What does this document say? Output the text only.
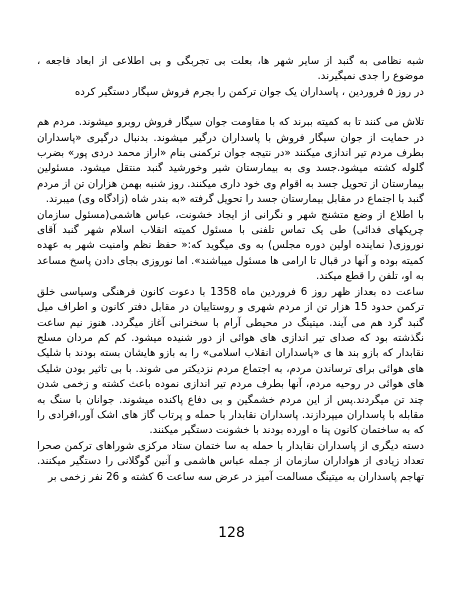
شبه نظامی به گنبد از سایر شهر ها، بعلت بی تجربگی و بی اطلاعی از ابعاد فاجعه ، موضوع را جدی نمیگیرند.

در روز ۵ فروردین ، پاسداران یک جوان ترکمن را بجرم فروش سیگار دستگیر کرده

تلاش می کنند تا به کمیته ببرند که با مقاومت جوان سیگار فروش روبرو میشوند. مردم هم در حمایت از جوان سیگار فروش با پاسداران درگیر میشوند. بدنبال درگیری «پاسداران بطرف مردم تیر اندازی میکنند «در نتیجه جوان ترکمنی بنام «اراز محمد دردی پور» بضرب گلوله کشته میشود.جسد وی به بیمارستان شیر وخورشید گنبد منتقل میشود. مسئولین بیمارستان از تحویل جسد به اقوام وی خود داری میکنند. روز شنبه بهمن هزاران تن از مردم گنبد با اجتماع در مقابل بیمارستان جسد را تحویل گرفته «به بندر شاه (زادگاه وی) میبرند.

با اطلاع از وضع متشنج شهر و نگرانی از ایجاد خشونت، عباس هاشمی(مسئول سازمان چریکهای فدائی) طی یک تماس تلفنی با مسئول کمیته انقلاب اسلام شهر گنبد آقای نوروزی( نماینده اولین دوره مجلس) به وی میگوید که:« حفظ نظم وامنیت شهر به عهده کمیته بوده و آنها در قبال تا ارامی ها مسئول میباشند». اما نوروزی بجای دادن پاسخ مساعد به او، تلفن را قطع میکند.

ساعت ده بعداز ظهر روز 6 فروردین ماه 1358 با دعوت کانون فرهنگی وسیاسی خلق ترکمن حدود 15 هزار تن از مردم شهری و روستاییان در مقابل دفتر کانون و اطراف میل گنبد گرد هم می آیند. میتینگ در محیطی آرام با سخنرانی آغاز میگردد. هنوز نیم ساعت نگذشته بود که صدای تیر اندازی های هوائی از دور شنیده میشود. کم کم مردان مسلح نقابدار که بازو بند ها ی «پاسداران انقلاب اسلامی» را به بازو هایشان بسته بودند با شلیک های هوائی برای ترساندن مردم، به اجتماع مردم نزدیکتر می شوند. با بی تاثیر بودن شلیک های هوائی در روحیه مردم، آنها بطرف مردم تیر اندازی نموده باعث کشته و زخمی شدن چند تن میگردند.پس از این مردم خشمگین و بی دفاع پاکنده میشوند. جوانان با سنگ به مقابله با پاسداران میپردازند. پاسداران نقابدار با حمله و پرتاب گاز های اشک آور،افرادی را که به ساختمان کانون پنا ه اورده بودند با خشونت دستگیر میکنند.

دسته دیگری از پاسداران نقابدار با حمله به سا ختمان ستاد مرکزی شوراهای ترکمن صحرا تعداد زیادی از هواداران سازمان از جمله عباس هاشمی و آنین گوگلانی را دستگیر میکنند. تهاجم پاسداران به میتینگ مسالمت آمیز در عرض سه ساعت 6 کشته و 26 نفر زخمی بر

128
